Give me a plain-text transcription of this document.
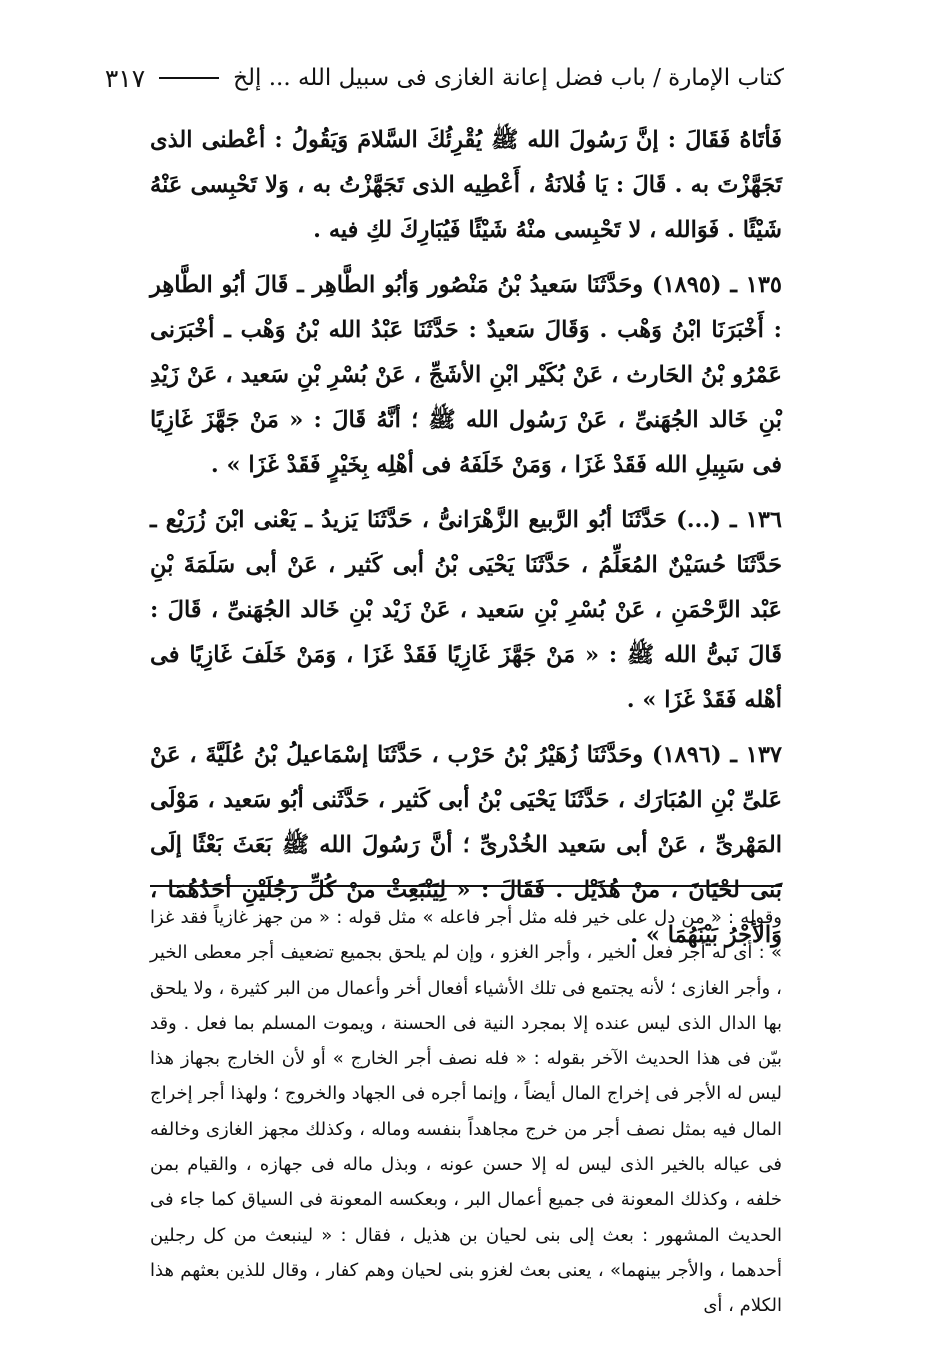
كتاب الإمارة / باب فضل إعانة الغازى فى سبيل الله ... إلخ
٣١٧

فَأتَاهُ فَقَالَ : إنَّ رَسُولَ الله ﷺ يُقْرِئُكَ السَّلامَ وَيَقُولُ : أعْطنى الذى تَجَهَّزْتَ به . قَالَ : يَا فُلانَةُ ، أَعْطِيه الذى تَجَهَّزْتُ به ، وَلا تَحْبِسى عَنْهُ شَيْئًا . فَوَالله ، لا تَحْبِسى منْهُ شَيْئًا فَيُبَارِكَ لكِ فيه .

١٣٥ ـ (١٨٩٥) وحَدَّثَنَا سَعيدُ بْنُ مَنْصُور وَأبُو الطَّاهِر ـ قَالَ أبُو الطَّاهِر : أَخْبَرَنَا ابْنُ وَهْب . وَقَالَ سَعيدٌ : حَدَّثَنَا عَبْدُ الله بْنُ وَهْب ـ أخْبَرَنى عَمْرُو بْنُ الحَارث ، عَنْ بُكَيْر ابْنِ الأشَجِّ ، عَنْ بُسْرِ بْنِ سَعيد ، عَنْ زَيْدِ بْنِ خَالد الجُهَنىِّ ، عَنْ رَسُول الله ﷺ ؛ أنَّهُ قَالَ : « مَنْ جَهَّزَ غَازِيًا فى سَبِيلِ الله فَقَدْ غَزَا ، وَمَنْ خَلَفَهُ فى أهْلِه بِخَيْرٍ فَقَدْ غَزَا » .

١٣٦ ـ (...) حَدَّثَنَا أبُو الرَّبيع الزَّهْرَانىُّ ، حَدَّثَنَا يَزيدُ ـ يَعْنى ابْنَ زُرَيْع ـ حَدَّثَنَا حُسَيْنٌ المُعَلِّمُ ، حَدَّثَنَا يَحْيَى بْنُ أبى كَثير ، عَنْ أبى سَلَمَةَ بْنِ عَبْد الرَّحْمَنِ ، عَنْ بُسْرِ بْنِ سَعيد ، عَنْ زَيْد بْنِ خَالد الجُهَنىِّ ، قَالَ : قَالَ نَبىُّ الله ﷺ : « مَنْ جَهَّزَ غَازِيًا فَقَدْ غَزَا ، وَمَنْ خَلَفَ غَازِيًا فى أهْله فَقَدْ غَزَا » .

١٣٧ ـ (١٨٩٦) وحَدَّثَنَا زُهَيْرُ بْنُ حَرْب ، حَدَّثَنَا إسْمَاعيلُ بْنُ عُلَيَّةَ ، عَنْ عَلىِّ بْنِ المُبَارَك ، حَدَّثَنَا يَحْيَى بْنُ أبى كَثير ، حَدَّثَنى أبُو سَعيد ، مَوْلَى المَهْرىِّ ، عَنْ أبى سَعيد الخُدْرىِّ ؛ أنَّ رَسُولَ الله ﷺ بَعَثَ بَعْثًا إلَى بَنى لحْيَانَ ، منْ هُذَيْل . فَقَالَ : « لِيَنْبَعِثْ منْ كُلِّ رَجُلَيْنِ أحَدُهُمَا ، وَالأجْرُ بَيْنَهُمَا » .

وقوله : « من دل على خير فله مثل أجر فاعله » مثل قوله : « من جهز غازياً فقد غزا » : أى له أجر فعل الخير ، وأجر الغزو ، وإن لم يلحق بجميع تضعيف أجر معطى الخير ، وأجر الغازى ؛ لأنه يجتمع فى تلك الأشياء أفعال أخر وأعمال من البر كثيرة ، ولا يلحق بها الدال الذى ليس عنده إلا بمجرد النية فى الحسنة ، ويموت المسلم بما فعل . وقد بيّن فى هذا الحديث الآخر بقوله : « فله نصف أجر الخارج » أو لأن الخارج بجهاز هذا ليس له الأجر فى إخراج المال أيضاً ، وإنما أجره فى الجهاد والخروج ؛ ولهذا أجر إخراج المال فيه بمثل نصف أجر من خرج مجاهداً بنفسه وماله ، وكذلك مجهز الغازى وخالفه فى عياله بالخير الذى ليس له إلا حسن عونه ، وبذل ماله فى جهازه ، والقيام بمن خلفه ، وكذلك المعونة فى جميع أعمال البر ، وبعكسه المعونة فى السياق كما جاء فى الحديث المشهور : بعث إلى بنى لحيان بن هذيل ، فقال : « لينبعث من كل رجلين أحدهما ، والأجر بينهما» ، يعنى بعث لغزو بنى لحيان وهم كفار ، وقال للذين بعثهم هذا الكلام ، أى
